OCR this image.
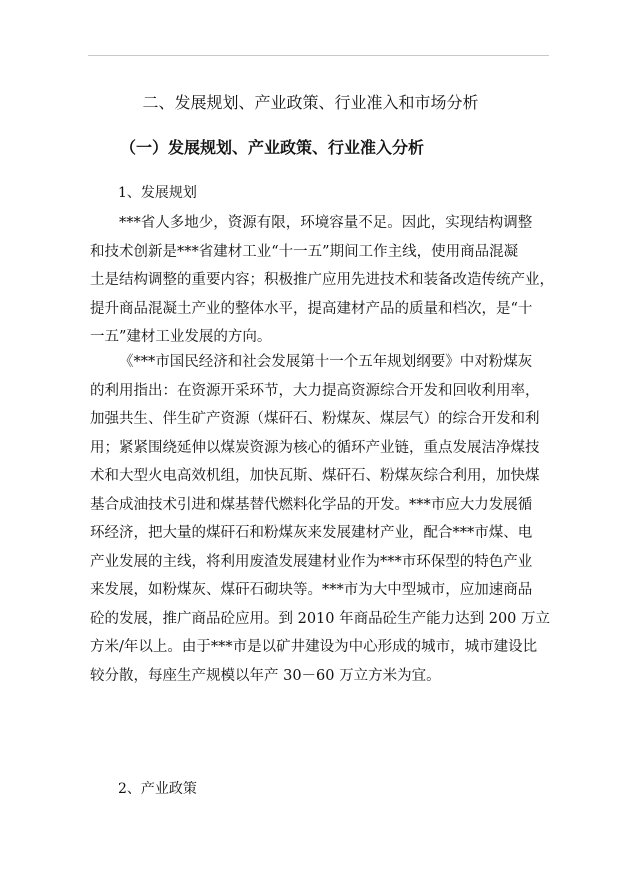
二、发展规划、产业政策、行业准入和市场分析
（一）发展规划、产业政策、行业准入分析

1、发展规划

***省人多地少，资源有限，环境容量不足。因此，实现结构调整
和技术创新是***省建材工业“十一五”期间工作主线，使用商品混凝
土是结构调整的重要内容；积极推广应用先进技术和装备改造传统产业，
提升商品混凝土产业的整体水平，提高建材产品的质量和档次，是“十
一五”建材工业发展的方向。
《***市国民经济和社会发展第十一个五年规划纲要》中对粉煤灰
的利用指出：在资源开采环节，大力提高资源综合开发和回收利用率，
加强共生、伴生矿产资源（煤矸石、粉煤灰、煤层气）的综合开发和利
用；紧紧围绕延伸以煤炭资源为核心的循环产业链，重点发展洁净煤技
术和大型火电高效机组，加快瓦斯、煤矸石、粉煤灰综合利用，加快煤
基合成油技术引进和煤基替代燃料化学品的开发。***市应大力发展循
环经济，把大量的煤矸石和粉煤灰来发展建材产业，配合***市煤、电
产业发展的主线，将利用废渣发展建材业作为***市环保型的特色产业
来发展，如粉煤灰、煤矸石砌块等。***市为大中型城市，应加速商品
砼的发展，推广商品砼应用。到 2010 年商品砼生产能力达到 200 万立
方米/年以上。由于***市是以矿井建设为中心形成的城市，城市建设比
较分散，每座生产规模以年产 30－60 万立方米为宜。

2、产业政策
